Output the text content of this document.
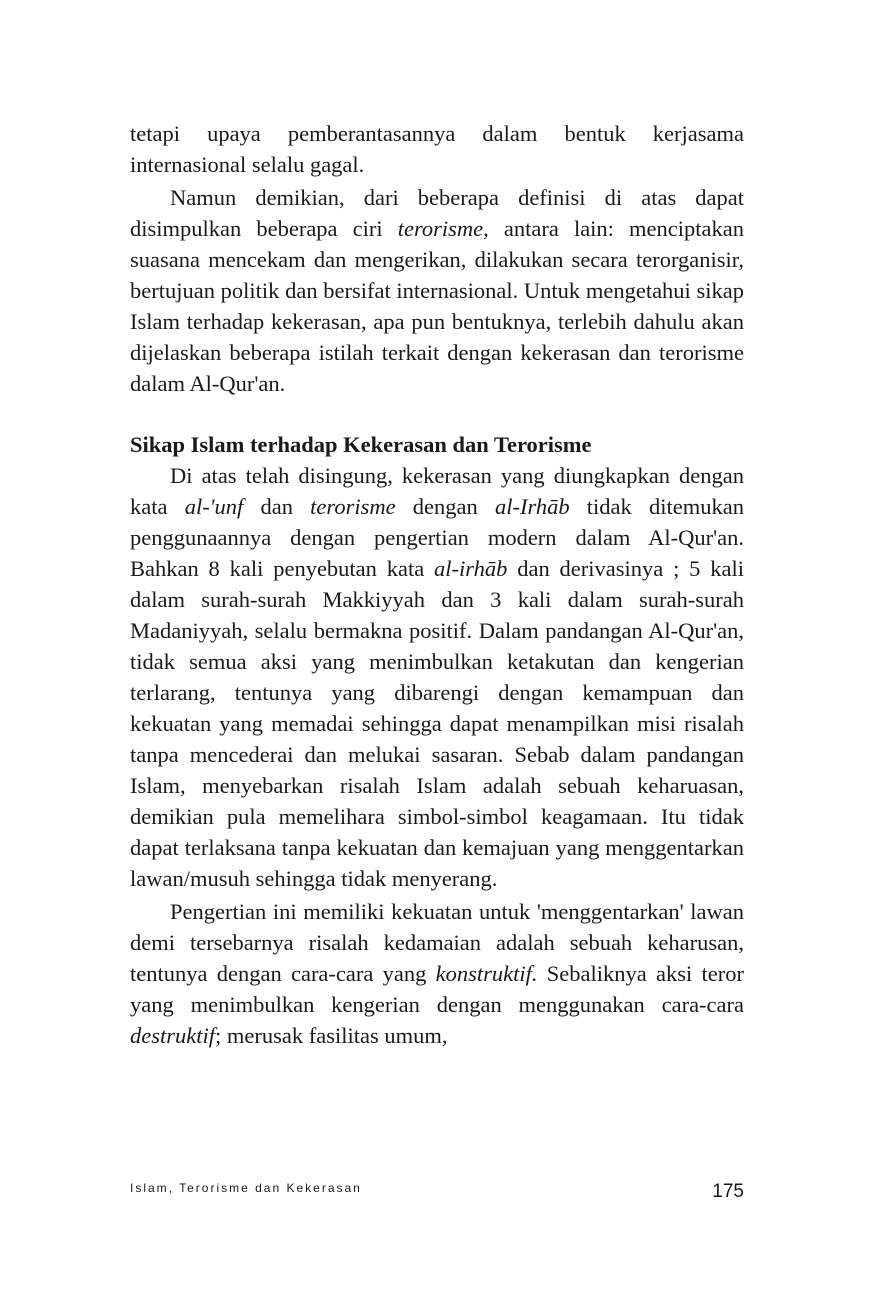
tetapi upaya pemberantasannya dalam bentuk kerjasama internasional selalu gagal.

Namun demikian, dari beberapa definisi di atas dapat disimpulkan beberapa ciri terorisme, antara lain: menciptakan suasana mencekam dan mengerikan, dilakukan secara terorganisir, bertujuan politik dan bersifat internasional. Untuk mengetahui sikap Islam terhadap kekerasan, apa pun bentuknya, terlebih dahulu akan dijelaskan beberapa istilah terkait dengan kekerasan dan terorisme dalam Al-Qur'an.

Sikap Islam terhadap Kekerasan dan Terorisme

Di atas telah disingung, kekerasan yang diungkapkan dengan kata al-'unf dan terorisme dengan al-Irhāb tidak ditemukan penggunaannya dengan pengertian modern dalam Al-Qur'an. Bahkan 8 kali penyebutan kata al-irhāb dan derivasinya ; 5 kali dalam surah-surah Makkiyyah dan 3 kali dalam surah-surah Madaniyyah, selalu bermakna positif. Dalam pandangan Al-Qur'an, tidak semua aksi yang menimbulkan ketakutan dan kengerian terlarang, tentunya yang dibarengi dengan kemampuan dan kekuatan yang memadai sehingga dapat menampilkan misi risalah tanpa mencederai dan melukai sasaran. Sebab dalam pandangan Islam, menyebarkan risalah Islam adalah sebuah keharuasan, demikian pula memelihara simbol-simbol keagamaan. Itu tidak dapat terlaksana tanpa kekuatan dan kemajuan yang menggentarkan lawan/musuh sehingga tidak menyerang.

Pengertian ini memiliki kekuatan untuk 'menggentarkan' lawan demi tersebarnya risalah kedamaian adalah sebuah keharusan, tentunya dengan cara-cara yang konstruktif. Sebaliknya aksi teror yang menimbulkan kengerian dengan menggunakan cara-cara destruktif; merusak fasilitas umum,

Islam, Terorisme dan Kekerasan	175
